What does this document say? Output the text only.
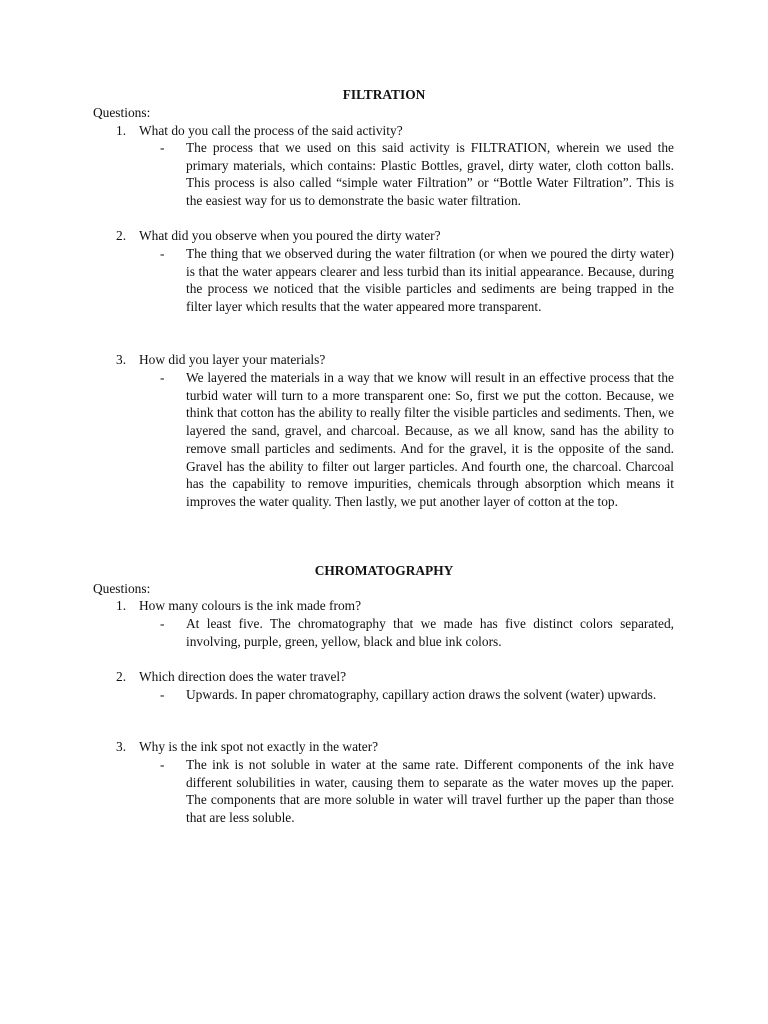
FILTRATION
Questions:
1. What do you call the process of the said activity?
-	The process that we used on this said activity is FILTRATION, wherein we used the primary materials, which contains: Plastic Bottles, gravel, dirty water, cloth cotton balls. This process is also called “simple water Filtration” or “Bottle Water Filtration”. This is the easiest way for us to demonstrate the basic water filtration.
2. What did you observe when you poured the dirty water?
-	The thing that we observed during the water filtration (or when we poured the dirty water) is that the water appears clearer and less turbid than its initial appearance. Because, during the process we noticed that the visible particles and sediments are being trapped in the filter layer which results that the water appeared more transparent.
3. How did you layer your materials?
-	We layered the materials in a way that we know will result in an effective process that the turbid water will turn to a more transparent one: So, first we put the cotton. Because, we think that cotton has the ability to really filter the visible particles and sediments. Then, we layered the sand, gravel, and charcoal. Because, as we all know, sand has the ability to remove small particles and sediments. And for the gravel, it is the opposite of the sand. Gravel has the ability to filter out larger particles. And fourth one, the charcoal. Charcoal has the capability to remove impurities, chemicals through absorption which means it improves the water quality. Then lastly, we put another layer of cotton at the top.
CHROMATOGRAPHY
Questions:
1. How many colours is the ink made from?
-	At least five. The chromatography that we made has five distinct colors separated, involving, purple, green, yellow, black and blue ink colors.
2. Which direction does the water travel?
-	Upwards. In paper chromatography, capillary action draws the solvent (water) upwards.
3. Why is the ink spot not exactly in the water?
-	The ink is not soluble in water at the same rate. Different components of the ink have different solubilities in water, causing them to separate as the water moves up the paper. The components that are more soluble in water will travel further up the paper than those that are less soluble.
